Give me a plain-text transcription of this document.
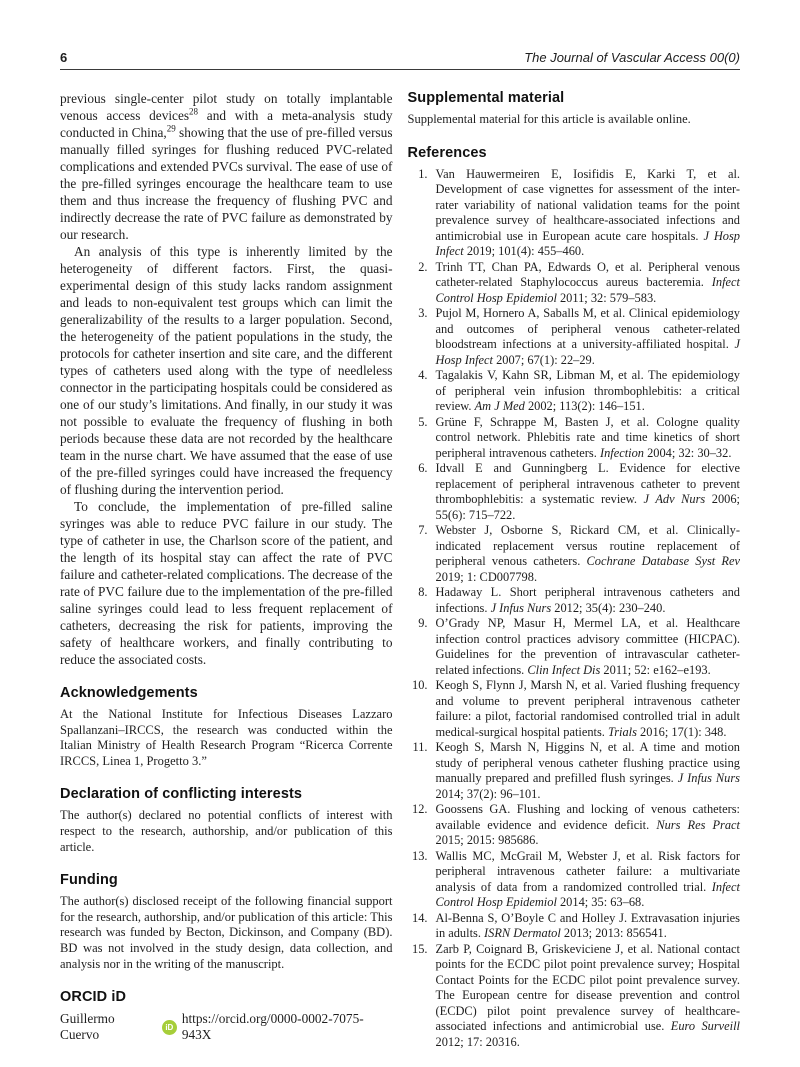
6	The Journal of Vascular Access 00(0)

previous single-center pilot study on totally implantable venous access devices$^{28}$ and with a meta-analysis study conducted in China,$^{29}$ showing that the use of pre-filled versus manually filled syringes for flushing reduced PVC-related complications and extended PVCs survival. The ease of use of the pre-filled syringes encourage the healthcare team to use them and thus increase the frequency of flushing PVC and indirectly decrease the rate of PVC failure as demonstrated by our research.

An analysis of this type is inherently limited by the heterogeneity of different factors. First, the quasi-experimental design of this study lacks random assignment and leads to non-equivalent test groups which can limit the generalizability of the results to a larger population. Second, the heterogeneity of the patient populations in the study, the protocols for catheter insertion and site care, and the different types of catheters used along with the type of needleless connector in the participating hospitals could be considered as one of our study’s limitations. And finally, in our study it was not possible to evaluate the frequency of flushing in both periods because these data are not recorded by the healthcare team in the nurse chart. We have assumed that the ease of use of the pre-filled syringes could have increased the frequency of flushing during the intervention period.

To conclude, the implementation of pre-filled saline syringes was able to reduce PVC failure in our study. The type of catheter in use, the Charlson score of the patient, and the length of its hospital stay can affect the rate of PVC failure and catheter-related complications. The decrease of the rate of PVC failure due to the implementation of the pre-filled saline syringes could lead to less frequent replacement of catheters, decreasing the risk for patients, improving the safety of healthcare workers, and finally contributing to reduce the associated costs.

Acknowledgements

At the National Institute for Infectious Diseases Lazzaro Spallanzani–IRCCS, the research was conducted within the Italian Ministry of Health Research Program “Ricerca Corrente IRCCS, Linea 1, Progetto 3.”

Declaration of conflicting interests

The author(s) declared no potential conflicts of interest with respect to the research, authorship, and/or publication of this article.

Funding

The author(s) disclosed receipt of the following financial support for the research, authorship, and/or publication of this article: This research was funded by Becton, Dickinson, and Company (BD). BD was not involved in the study design, data collection, and analysis nor in the writing of the manuscript.

ORCID iD
Guillermo Cuervo	iD
https://orcid.org/0000-0002-7075-943X
Supplemental material

Supplemental material for this article is available online.

References
1. Van Hauwermeiren E, Iosifidis E, Karki T, et al. Development of case vignettes for assessment of the inter-rater variability of national validation teams for the point prevalence survey of healthcare-associated infections and antimicrobial use in European acute care hospitals. J Hosp Infect 2019; 101(4): 455–460.
2. Trinh TT, Chan PA, Edwards O, et al. Peripheral venous catheter-related Staphylococcus aureus bacteremia. Infect Control Hosp Epidemiol 2011; 32: 579–583.
3. Pujol M, Hornero A, Saballs M, et al. Clinical epidemiology and outcomes of peripheral venous catheter-related bloodstream infections at a university-affiliated hospital. J Hosp Infect 2007; 67(1): 22–29.
4. Tagalakis V, Kahn SR, Libman M, et al. The epidemiology of peripheral vein infusion thrombophlebitis: a critical review. Am J Med 2002; 113(2): 146–151.
5. Grüne F, Schrappe M, Basten J, et al. Cologne quality control network. Phlebitis rate and time kinetics of short peripheral intravenous catheters. Infection 2004; 32: 30–32.
6. Idvall E and Gunningberg L. Evidence for elective replacement of peripheral intravenous catheter to prevent thrombophlebitis: a systematic review. J Adv Nurs 2006; 55(6): 715–722.
7. Webster J, Osborne S, Rickard CM, et al. Clinically-indicated replacement versus routine replacement of peripheral venous catheters. Cochrane Database Syst Rev 2019; 1: CD007798.
8. Hadaway L. Short peripheral intravenous catheters and infections. J Infus Nurs 2012; 35(4): 230–240.
9. O’Grady NP, Masur H, Mermel LA, et al. Healthcare infection control practices advisory committee (HICPAC). Guidelines for the prevention of intravascular catheter-related infections. Clin Infect Dis 2011; 52: e162–e193.
10. Keogh S, Flynn J, Marsh N, et al. Varied flushing frequency and volume to prevent peripheral intravenous catheter failure: a pilot, factorial randomised controlled trial in adult medical-surgical hospital patients. Trials 2016; 17(1): 348.
11. Keogh S, Marsh N, Higgins N, et al. A time and motion study of peripheral venous catheter flushing practice using manually prepared and prefilled flush syringes. J Infus Nurs 2014; 37(2): 96–101.
12. Goossens GA. Flushing and locking of venous catheters: available evidence and evidence deficit. Nurs Res Pract 2015; 2015: 985686.
13. Wallis MC, McGrail M, Webster J, et al. Risk factors for peripheral intravenous catheter failure: a multivariate analysis of data from a randomized controlled trial. Infect Control Hosp Epidemiol 2014; 35: 63–68.
14. Al-Benna S, O’Boyle C and Holley J. Extravasation injuries in adults. ISRN Dermatol 2013; 2013: 856541.
15. Zarb P, Coignard B, Griskeviciene J, et al. National contact points for the ECDC pilot point prevalence survey; Hospital Contact Points for the ECDC pilot point prevalence survey. The European centre for disease prevention and control (ECDC) pilot point prevalence survey of healthcare-associated infections and antimicrobial use. Euro Surveill 2012; 17: 20316.
